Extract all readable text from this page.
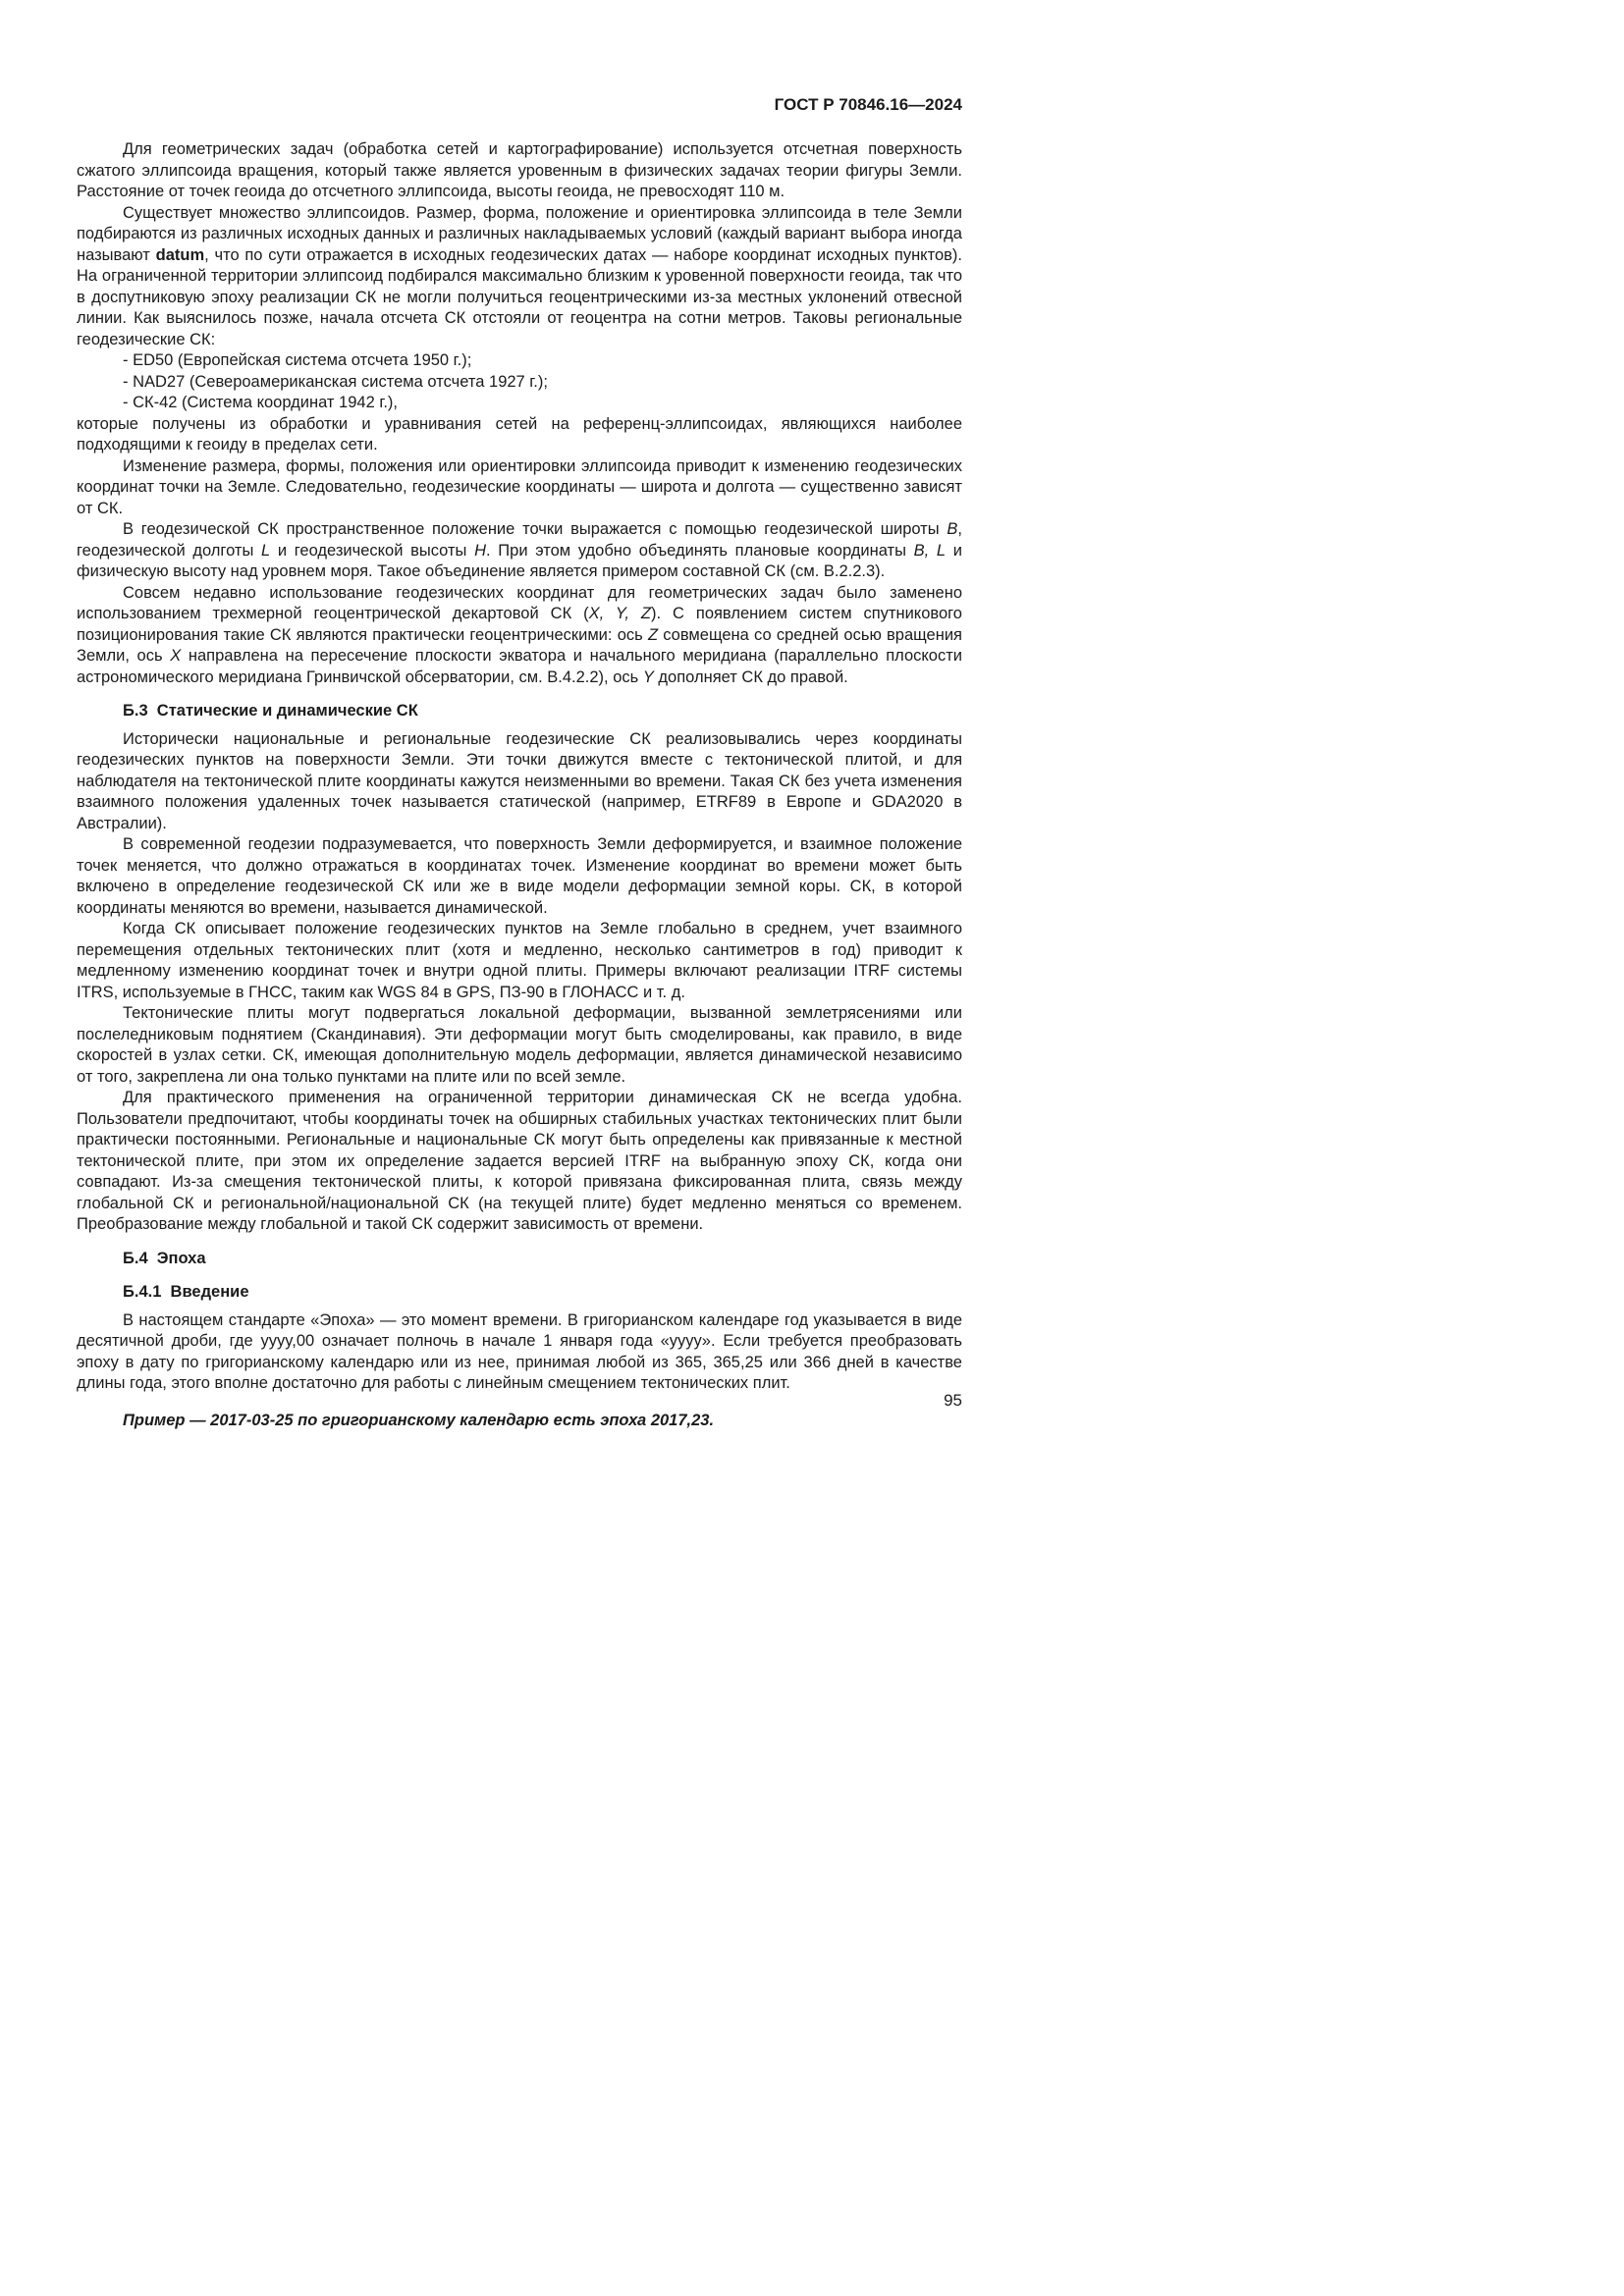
ГОСТ Р 70846.16—2024

Для геометрических задач (обработка сетей и картографирование) используется отсчетная поверхность сжатого эллипсоида вращения, который также является уровенным в физических задачах теории фигуры Земли. Расстояние от точек геоида до отсчетного эллипсоида, высоты геоида, не превосходят 110 м.

Существует множество эллипсоидов. Размер, форма, положение и ориентировка эллипсоида в теле Земли подбираются из различных исходных данных и различных накладываемых условий (каждый вариант выбора иногда называют datum, что по сути отражается в исходных геодезических датах — наборе координат исходных пунктов). На ограниченной территории эллипсоид подбирался максимально близким к уровенной поверхности геоида, так что в доспутниковую эпоху реализации СК не могли получиться геоцентрическими из-за местных уклонений отвесной линии. Как выяснилось позже, начала отсчета СК отстояли от геоцентра на сотни метров. Таковы региональные геодезические СК:

- ED50 (Европейская система отсчета 1950 г.);

- NAD27 (Североамериканская система отсчета 1927 г.);

- СК-42 (Система координат 1942 г.),

которые получены из обработки и уравнивания сетей на референц-эллипсоидах, являющихся наиболее подходящими к геоиду в пределах сети.

Изменение размера, формы, положения или ориентировки эллипсоида приводит к изменению геодезических координат точки на Земле. Следовательно, геодезические координаты — широта и долгота — существенно зависят от СК.

В геодезической СК пространственное положение точки выражается с помощью геодезической широты B, геодезической долготы L и геодезической высоты H. При этом удобно объединять плановые координаты B, L и физическую высоту над уровнем моря. Такое объединение является примером составной СК (см. В.2.2.3).

Совсем недавно использование геодезических координат для геометрических задач было заменено использованием трехмерной геоцентрической декартовой СК (X, Y, Z). С появлением систем спутникового позиционирования такие СК являются практически геоцентрическими: ось Z совмещена со средней осью вращения Земли, ось X направлена на пересечение плоскости экватора и начального меридиана (параллельно плоскости астрономического меридиана Гринвичской обсерватории, см. В.4.2.2), ось Y дополняет СК до правой.

Б.3  Статические и динамические СК

Исторически национальные и региональные геодезические СК реализовывались через координаты геодезических пунктов на поверхности Земли. Эти точки движутся вместе с тектонической плитой, и для наблюдателя на тектонической плите координаты кажутся неизменными во времени. Такая СК без учета изменения взаимного положения удаленных точек называется статической (например, ETRF89 в Европе и GDA2020 в Австралии).

В современной геодезии подразумевается, что поверхность Земли деформируется, и взаимное положение точек меняется, что должно отражаться в координатах точек. Изменение координат во времени может быть включено в определение геодезической СК или же в виде модели деформации земной коры. СК, в которой координаты меняются во времени, называется динамической.

Когда СК описывает положение геодезических пунктов на Земле глобально в среднем, учет взаимного перемещения отдельных тектонических плит (хотя и медленно, несколько сантиметров в год) приводит к медленному изменению координат точек и внутри одной плиты. Примеры включают реализации ITRF системы ITRS, используемые в ГНСС, таким как WGS 84 в GPS, ПЗ-90 в ГЛОНАСС и т. д.

Тектонические плиты могут подвергаться локальной деформации, вызванной землетрясениями или послеледниковым поднятием (Скандинавия). Эти деформации могут быть смоделированы, как правило, в виде скоростей в узлах сетки. СК, имеющая дополнительную модель деформации, является динамической независимо от того, закреплена ли она только пунктами на плите или по всей земле.

Для практического применения на ограниченной территории динамическая СК не всегда удобна. Пользователи предпочитают, чтобы координаты точек на обширных стабильных участках тектонических плит были практически постоянными. Региональные и национальные СК могут быть определены как привязанные к местной тектонической плите, при этом их определение задается версией ITRF на выбранную эпоху СК, когда они совпадают. Из-за смещения тектонической плиты, к которой привязана фиксированная плита, связь между глобальной СК и региональной/национальной СК (на текущей плите) будет медленно меняться со временем. Преобразование между глобальной и такой СК содержит зависимость от времени.

Б.4  Эпоха

Б.4.1  Введение

В настоящем стандарте «Эпоха» — это момент времени. В григорианском календаре год указывается в виде десятичной дроби, где yyyy,00 означает полночь в начале 1 января года «yyyy». Если требуется преобразовать эпоху в дату по григорианскому календарю или из нее, принимая любой из 365, 365,25 или 366 дней в качестве длины года, этого вполне достаточно для работы с линейным смещением тектонических плит.

Пример — 2017-03-25 по григорианскому календарю есть эпоха 2017,23.

95
